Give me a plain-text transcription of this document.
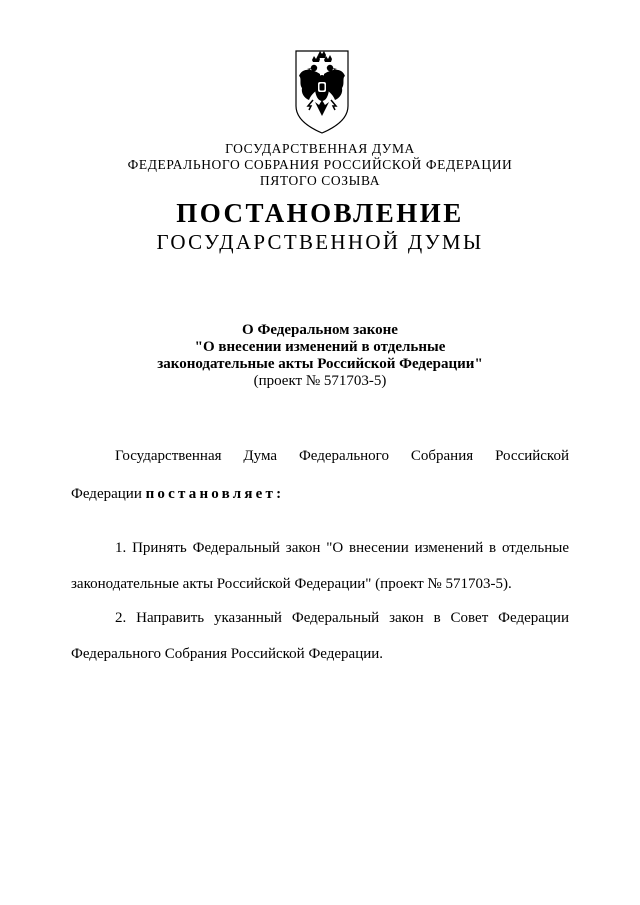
ГОСУДАРСТВЕННАЯ ДУМА
ФЕДЕРАЛЬНОГО СОБРАНИЯ РОССИЙСКОЙ ФЕДЕРАЦИИ
ПЯТОГО СОЗЫВА
ПОСТАНОВЛЕНИЕ
ГОСУДАРСТВЕННОЙ ДУМЫ
О Федеральном законе
"О внесении изменений в отдельные
законодательные акты Российской Федерации"
(проект № 571703-5)
Государственная Дума Федерального Собрания Российской
Федерации постановляет:
1. Принять Федеральный закон "О внесении изменений в отдельные
законодательные акты Российской Федерации" (проект № 571703-5).
2. Направить указанный Федеральный закон в Совет Федерации
Федерального Собрания Российской Федерации.
